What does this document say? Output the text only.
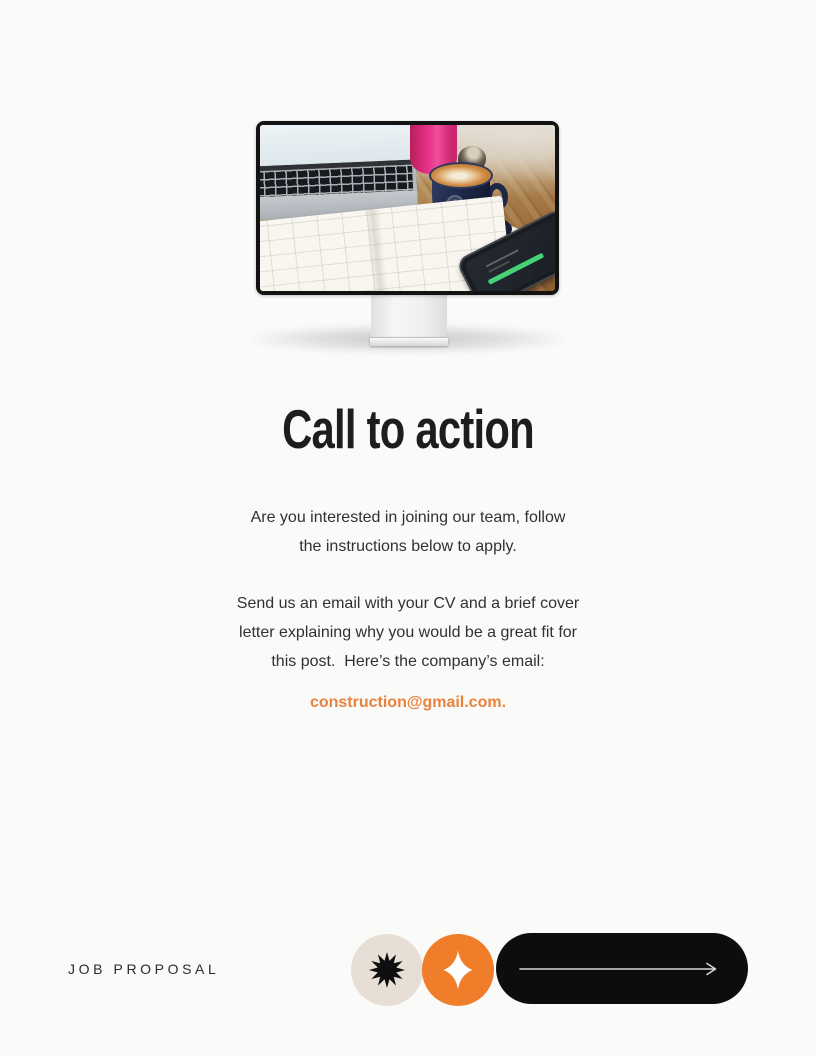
Call to action
Are you interested in joining our team, follow
the instructions below to apply.
Send us an email with your CV and a brief cover
letter explaining why you would be a great fit for
this post.  Here’s the company’s email:
construction@gmail.com.
JOB PROPOSAL
